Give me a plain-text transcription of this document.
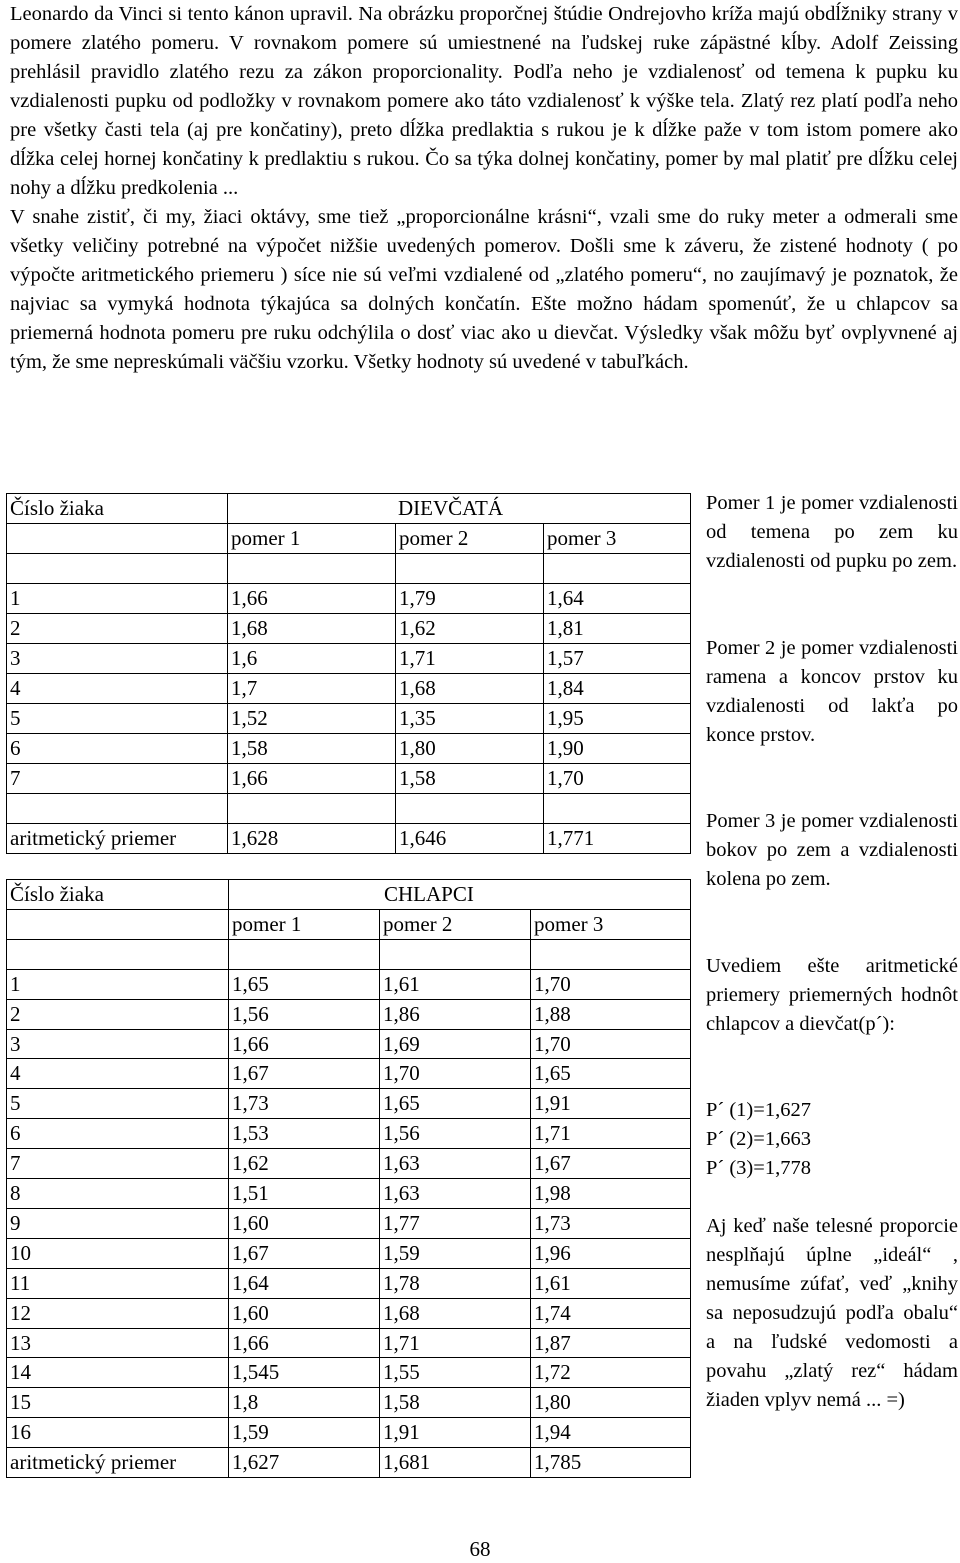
Leonardo da Vinci si tento kánon upravil. Na obrázku proporčnej štúdie Ondrejovho kríža majú obdĺžniky strany v pomere zlatého pomeru. V rovnakom pomere sú umiestnené na ľudskej ruke zápästné kĺby. Adolf Zeissing prehlásil pravidlo zlatého rezu za zákon proporcionality. Podľa neho je vzdialenosť od temena k pupku ku vzdialenosti pupku od podložky v rovnakom pomere ako táto vzdialenosť k výške tela. Zlatý rez platí podľa neho pre všetky časti tela (aj pre končatiny), preto dĺžka predlaktia s rukou je k dĺžke paže v tom istom pomere ako dĺžka celej hornej končatiny k predlaktiu s rukou. Čo sa týka dolnej končatiny, pomer by mal platiť pre dĺžku celej nohy a dĺžku predkolenia ...

V snahe zistiť, či my, žiaci oktávy, sme tiež „proporcionálne krásni“, vzali sme do ruky meter a odmerali sme všetky veličiny potrebné na výpočet nižšie uvedených pomerov. Došli sme k záveru, že zistené hodnoty ( po výpočte aritmetického priemeru ) síce nie sú veľmi vzdialené od „zlatého pomeru“, no zaujímavý je poznatok, že najviac sa vymyká hodnota týkajúca sa dolných končatín. Ešte možno hádam spomenúť, že u chlapcov sa priemerná hodnota pomeru pre ruku odchýlila o dosť viac ako u dievčat. Výsledky však môžu byť ovplyvnené aj tým, že sme nepreskúmali väčšiu vzorku. Všetky hodnoty sú uvedené v tabuľkách.

Číslo žiaka	DIEVČATÁ		
	pomer 1	pomer 2	pomer 3

1	1,66	1,79	1,64
2	1,68	1,62	1,81
3	1,6	1,71	1,57
4	1,7	1,68	1,84
5	1,52	1,35	1,95
6	1,58	1,80	1,90
7	1,66	1,58	1,70

aritmetický priemer	1,628	1,646	1,771
Číslo žiaka	CHLAPCI		
	pomer 1	pomer 2	pomer 3

1	1,65	1,61	1,70
2	1,56	1,86	1,88
3	1,66	1,69	1,70
4	1,67	1,70	1,65
5	1,73	1,65	1,91
6	1,53	1,56	1,71
7	1,62	1,63	1,67
8	1,51	1,63	1,98
9	1,60	1,77	1,73
10	1,67	1,59	1,96
11	1,64	1,78	1,61
12	1,60	1,68	1,74
13	1,66	1,71	1,87
14	1,545	1,55	1,72
15	1,8	1,58	1,80
16	1,59	1,91	1,94
aritmetický priemer	1,627	1,681	1,785

Pomer 1 je pomer vzdialenosti od temena po zem ku vzdialenosti od pupku po zem.

Pomer 2 je pomer vzdialenosti ramena a koncov prstov ku vzdialenosti od lakťa po konce prstov.

Pomer 3 je pomer vzdialenosti bokov po zem a vzdialenosti kolena po zem.

Uvediem ešte aritmetické priemery priemerných hodnôt chlapcov a dievčat(p´):

P´ (1)=1,627
P´ (2)=1,663
P´ (3)=1,778

Aj keď naše telesné proporcie nesplňajú úplne „ideál“ , nemusíme zúfať, veď „knihy sa neposudzujú podľa obalu“ a na ľudské vedomosti a povahu „zlatý rez“ hádam žiaden vplyv nemá ... =)

68
